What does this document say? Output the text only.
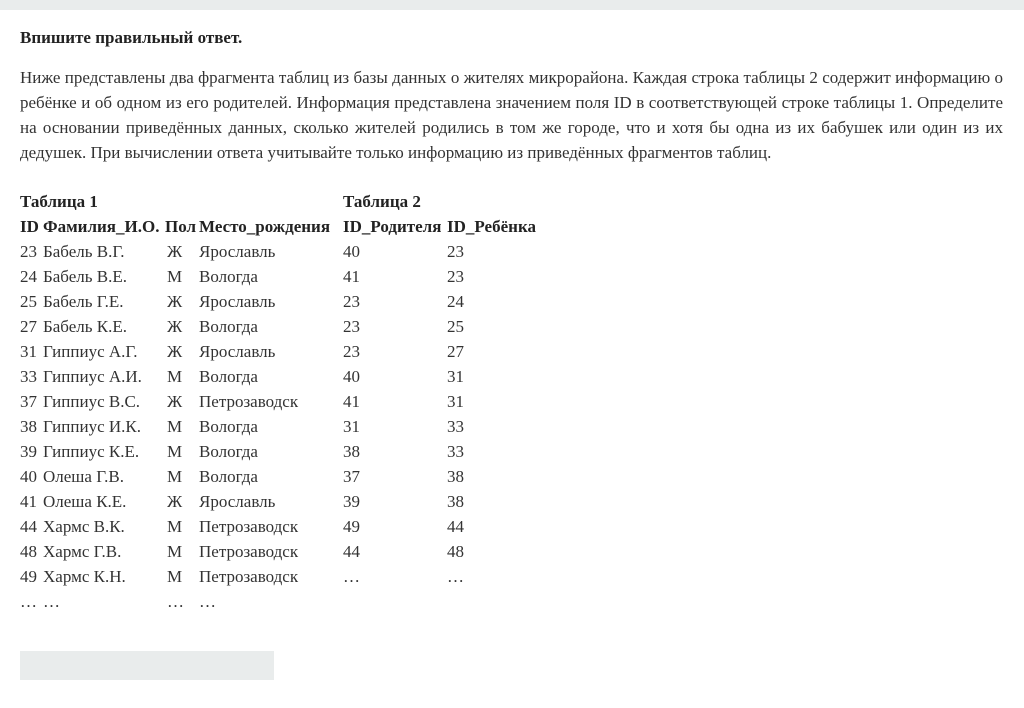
Впишите правильный ответ.
Ниже представлены два фрагмента таблиц из базы данных о жителях микрорайона. Каждая строка таблицы 2 содержит информацию о ребёнке и об одном из его родителей. Информация представлена значением поля ID в соответствующей строке таблицы 1. Определите на основании приведённых данных, сколько жителей родились в том же городе, что и хотя бы одна из их бабушек или один из их дедушек. При вычислении ответа учитывайте только информацию из приведённых фрагментов таблиц.
Таблица 1			
ID	Фамилия_И.О.	Пол	Место_рождения
23	Бабель В.Г.	Ж	Ярославль
24	Бабель В.Е.	М	Вологда
25	Бабель Г.Е.	Ж	Ярославль
27	Бабель К.Е.	Ж	Вологда
31	Гиппиус А.Г.	Ж	Ярославль
33	Гиппиус А.И.	М	Вологда
37	Гиппиус В.С.	Ж	Петрозаводск
38	Гиппиус И.К.	М	Вологда
39	Гиппиус К.Е.	М	Вологда
40	Олеша Г.В.	М	Вологда
41	Олеша К.Е.	Ж	Ярославль
44	Хармс В.К.	М	Петрозаводск
48	Хармс Г.В.	М	Петрозаводск
49	Хармс К.Н.	М	Петрозаводск
…	…	…	…
Таблица 2	
ID_Родителя	ID_Ребёнка
40	23
41	23
23	24
23	25
23	27
40	31
41	31
31	33
38	33
37	38
39	38
49	44
44	48
…	…
